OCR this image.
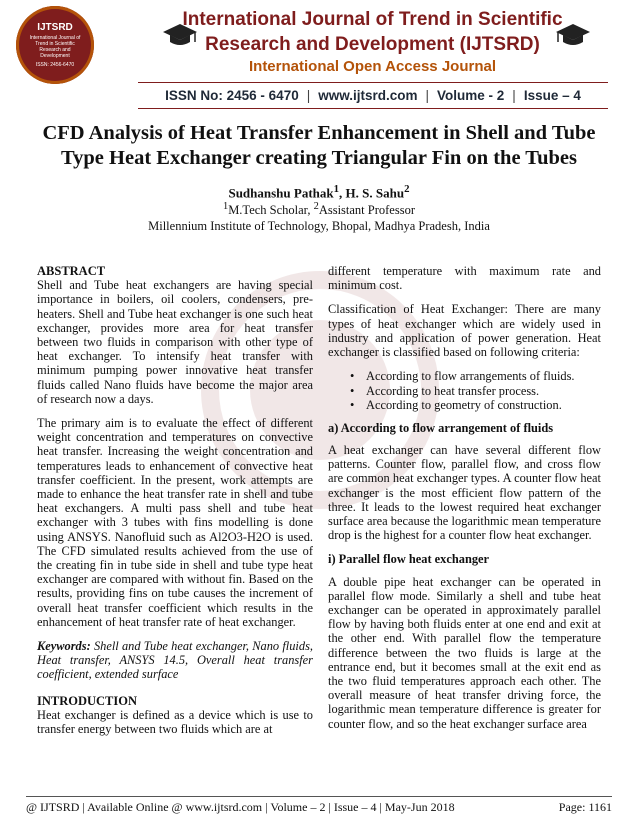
IJTSRD
International Journal of Trend in Scientific Research and Development
ISSN: 2456-6470
International Journal of Trend in Scientific
Research and Development (IJTSRD)
International Open Access Journal
ISSN No: 2456 - 6470 | www.ijtsrd.com | Volume - 2 | Issue – 4
CFD Analysis of Heat Transfer Enhancement in Shell and Tube Type Heat Exchanger creating Triangular Fin on the Tubes
Sudhanshu Pathak$^1$, H. S. Sahu$^2$
$^1$M.Tech Scholar, $^2$Assistant Professor
Millennium Institute of Technology, Bhopal, Madhya Pradesh, India
ABSTRACT

Shell and Tube heat exchangers are having special importance in boilers, oil coolers, condensers, pre-heaters. Shell and Tube heat exchanger is one such heat exchanger, provides more area for heat transfer between two fluids in comparison with other type of heat exchanger. To intensify heat transfer with minimum pumping power innovative heat transfer fluids called Nano fluids have become the major area of research now a days.

The primary aim is to evaluate the effect of different weight concentration and temperatures on convective heat transfer. Increasing the weight concentration and temperatures leads to enhancement of convective heat transfer coefficient. In the present, work attempts are made to enhance the heat transfer rate in shell and tube heat exchangers. A multi pass shell and tube heat exchanger with 3 tubes with fins modelling is done using ANSYS. Nanofluid such as Al2O3-H2O is used. The CFD simulated results achieved from the use of the creating fin in tube side in shell and tube type heat exchanger are compared with without fin. Based on the results, providing fins on tube causes the increment of overall heat transfer coefficient which results in the enhancement of heat transfer rate of heat exchanger.

Keywords: Shell and Tube heat exchanger, Nano fluids, Heat transfer, ANSYS 14.5, Overall heat transfer coefficient, extended surface

INTRODUCTION

Heat exchanger is defined as a device which is use to transfer energy between two fluids which are at

different temperature with maximum rate and minimum cost.

Classification of Heat Exchanger: There are many types of heat exchanger which are widely used in industry and application of power generation. Heat exchanger is classified based on following criteria:

• According to flow arrangements of fluids.
• According to heat transfer process.
• According to geometry of construction.
a) According to flow arrangement of fluids

A heat exchanger can have several different flow patterns. Counter flow, parallel flow, and cross flow are common heat exchanger types. A counter flow heat exchanger is the most efficient flow pattern of the three. It leads to the lowest required heat exchanger surface area because the logarithmic mean temperature drop is the highest for a counter flow heat exchanger.

i) Parallel flow heat exchanger

A double pipe heat exchanger can be operated in parallel flow mode. Similarly a shell and tube heat exchanger can be operated in approximately parallel flow by having both fluids enter at one end and exit at the other end. With parallel flow the temperature difference between the two fluids is large at the entrance end, but it becomes small at the exit end as the two fluid temperatures approach each other. The overall measure of heat transfer driving force, the logarithmic mean temperature difference is greater for counter flow, and so the heat exchanger surface area

@ IJTSRD | Available Online @ www.ijtsrd.com | Volume – 2 | Issue – 4 | May-Jun 2018	Page: 1161
